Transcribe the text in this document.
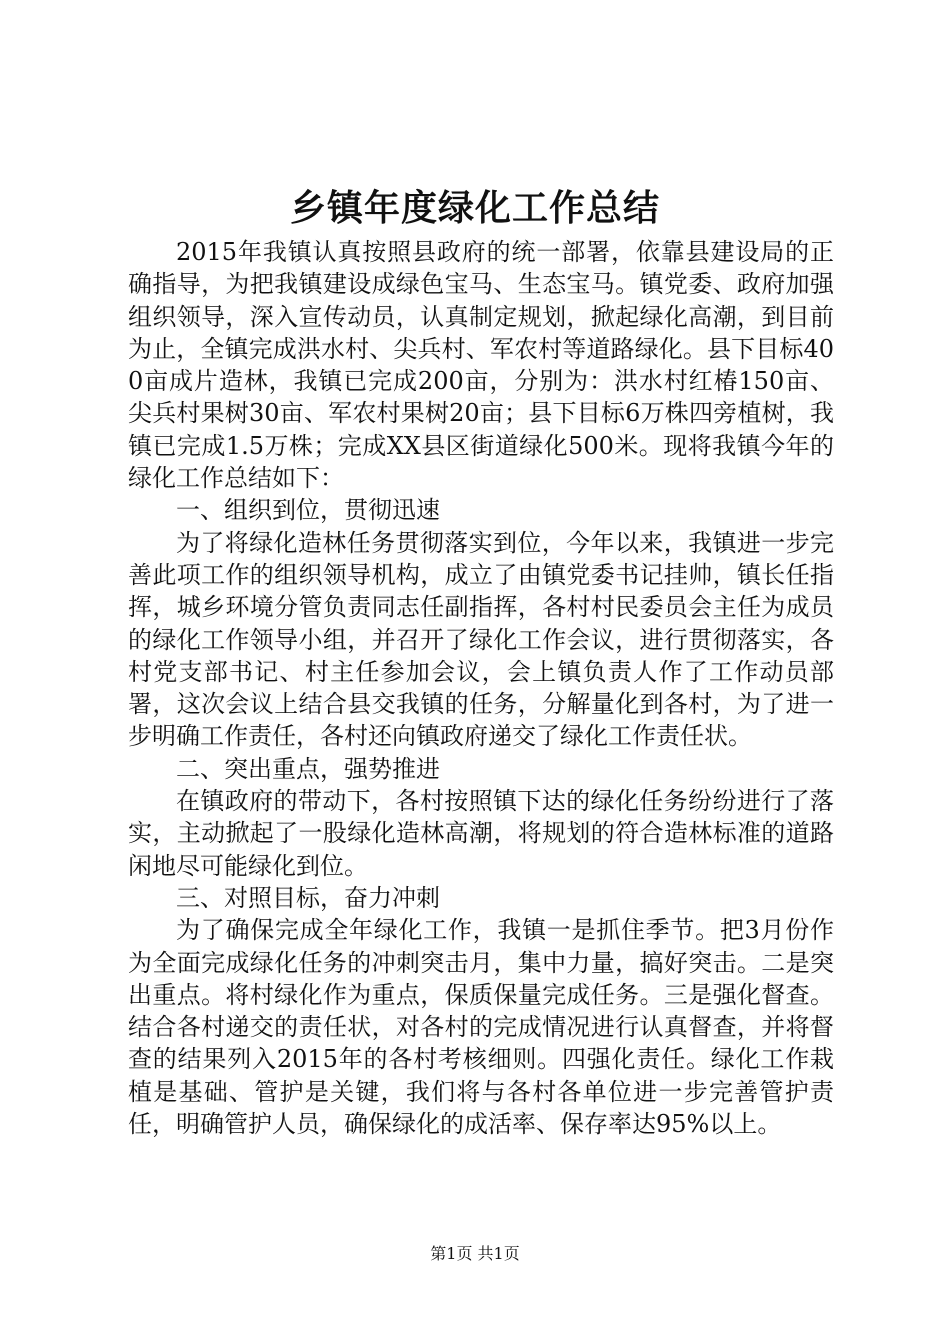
乡镇年度绿化工作总结

2015年我镇认真按照县政府的统一部署，依靠县建设局的正确指导，为把我镇建设成绿色宝马、生态宝马。镇党委、政府加强组织领导，深入宣传动员，认真制定规划，掀起绿化高潮，到目前为止，全镇完成洪水村、尖兵村、军农村等道路绿化。县下目标400亩成片造林，我镇已完成200亩，分别为：洪水村红椿150亩、尖兵村果树30亩、军农村果树20亩；县下目标6万株四旁植树，我镇已完成1.5万株；完成XX县区街道绿化500米。现将我镇今年的绿化工作总结如下：

一、组织到位，贯彻迅速

为了将绿化造林任务贯彻落实到位，今年以来，我镇进一步完善此项工作的组织领导机构，成立了由镇党委书记挂帅，镇长任指挥，城乡环境分管负责同志任副指挥，各村村民委员会主任为成员的绿化工作领导小组，并召开了绿化工作会议，进行贯彻落实，各村党支部书记、村主任参加会议，会上镇负责人作了工作动员部署，这次会议上结合县交我镇的任务，分解量化到各村，为了进一步明确工作责任，各村还向镇政府递交了绿化工作责任状。

二、突出重点，强势推进

在镇政府的带动下，各村按照镇下达的绿化任务纷纷进行了落实，主动掀起了一股绿化造林高潮，将规划的符合造林标准的道路闲地尽可能绿化到位。

三、对照目标，奋力冲刺

为了确保完成全年绿化工作，我镇一是抓住季节。把3月份作为全面完成绿化任务的冲刺突击月，集中力量，搞好突击。二是突出重点。将村绿化作为重点，保质保量完成任务。三是强化督查。结合各村递交的责任状，对各村的完成情况进行认真督查，并将督查的结果列入2015年的各村考核细则。四强化责任。绿化工作栽植是基础、管护是关键，我们将与各村各单位进一步完善管护责任，明确管护人员，确保绿化的成活率、保存率达95%以上。

第1页 共1页
